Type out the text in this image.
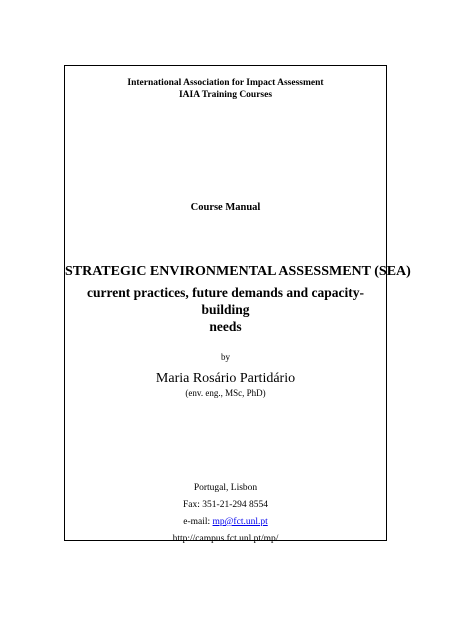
International Association for Impact Assessment
IAIA Training Courses
Course Manual
STRATEGIC ENVIRONMENTAL ASSESSMENT (SEA)
current practices, future demands and capacity-building
needs
by
Maria Rosário Partidário
(env. eng., MSc, PhD)
Portugal, Lisbon
Fax: 351-21-294 8554
e-mail: mp@fct.unl.pt
http://campus.fct.unl.pt/mp/
